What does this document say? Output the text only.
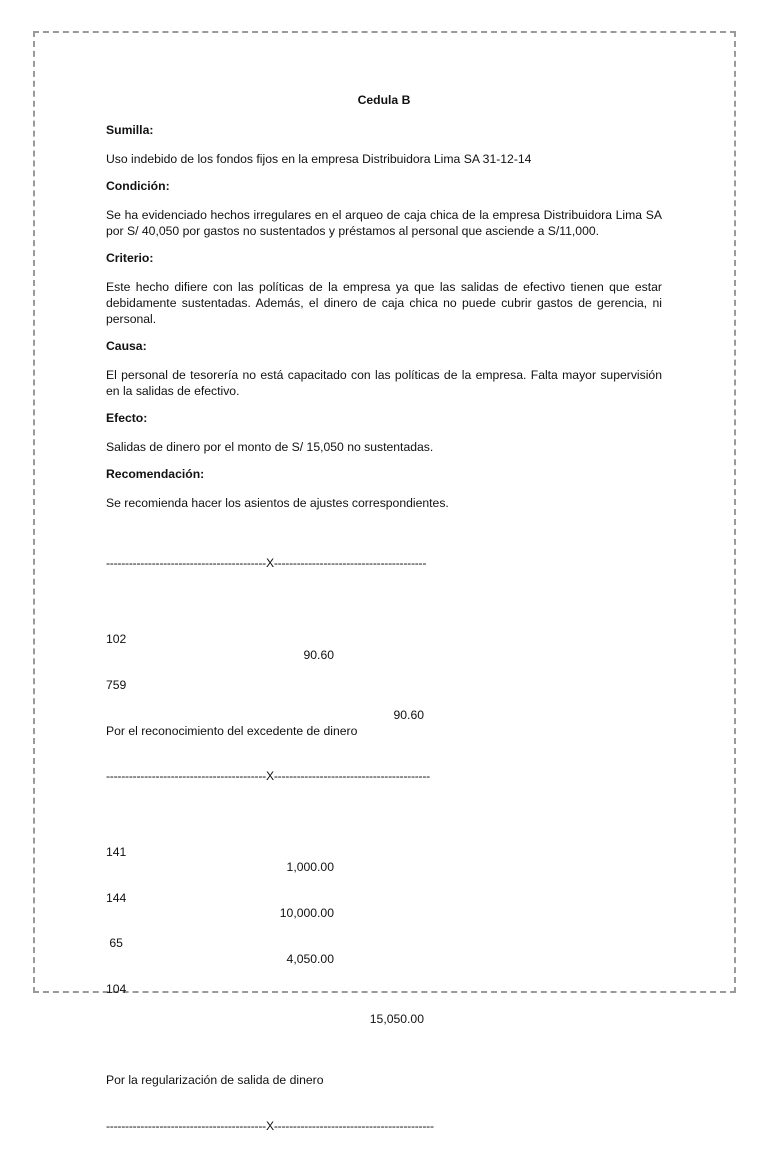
Cedula B
Sumilla:
Uso indebido de los fondos fijos en la empresa Distribuidora Lima SA 31-12-14
Condición:
Se ha evidenciado hechos irregulares en el arqueo de caja chica de la empresa Distribuidora Lima SA por S/ 40,050 por gastos no sustentados y préstamos al personal que asciende a S/11,000.
Criterio:
Este hecho difiere con las políticas de la empresa ya que las salidas de efectivo tienen que estar debidamente sustentadas. Además, el dinero de caja chica no puede cubrir gastos de gerencia, ni personal.
Causa:
El personal de tesorería no está capacitado con las políticas de la empresa. Falta mayor supervisión en la salidas de efectivo.
Efecto:
Salidas de dinero por el monto de S/ 15,050 no sustentadas.
Recomendación:
Se recomienda hacer los asientos de ajustes correspondientes.

------------------------------------------X----------------------------------------

102

90.60

759

90.60

Por el reconocimiento del excedente de dinero

------------------------------------------X-----------------------------------------

141

1,000.00

144

10,000.00

65

4,050.00

104

15,050.00

Por la regularización de salida de dinero

------------------------------------------X------------------------------------------
